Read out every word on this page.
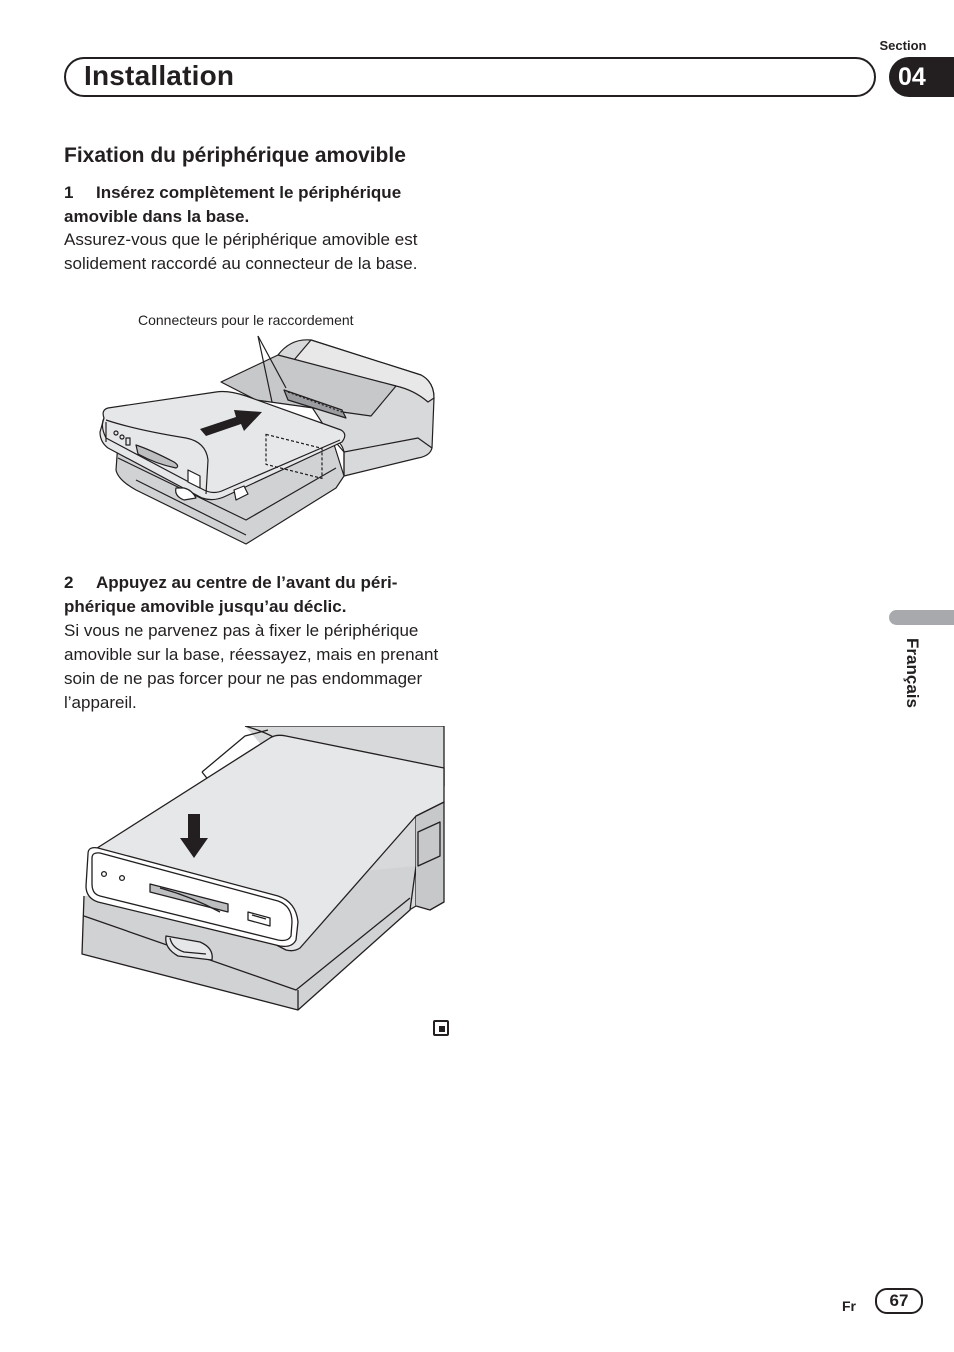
Section
Installation	04
Fixation du périphérique amovible

1 Insérez complètement le périphérique amovible dans la base.

Assurez-vous que le périphérique amovible est solidement raccordé au connecteur de la base.

Connecteurs pour le raccordement

2 Appuyez au centre de l’avant du périphérique amovible jusqu’au déclic.

Si vous ne parvenez pas à fixer le périphérique amovible sur la base, réessayez, mais en prenant soin de ne pas forcer pour ne pas endommager l’appareil.	Français
Fr	67
